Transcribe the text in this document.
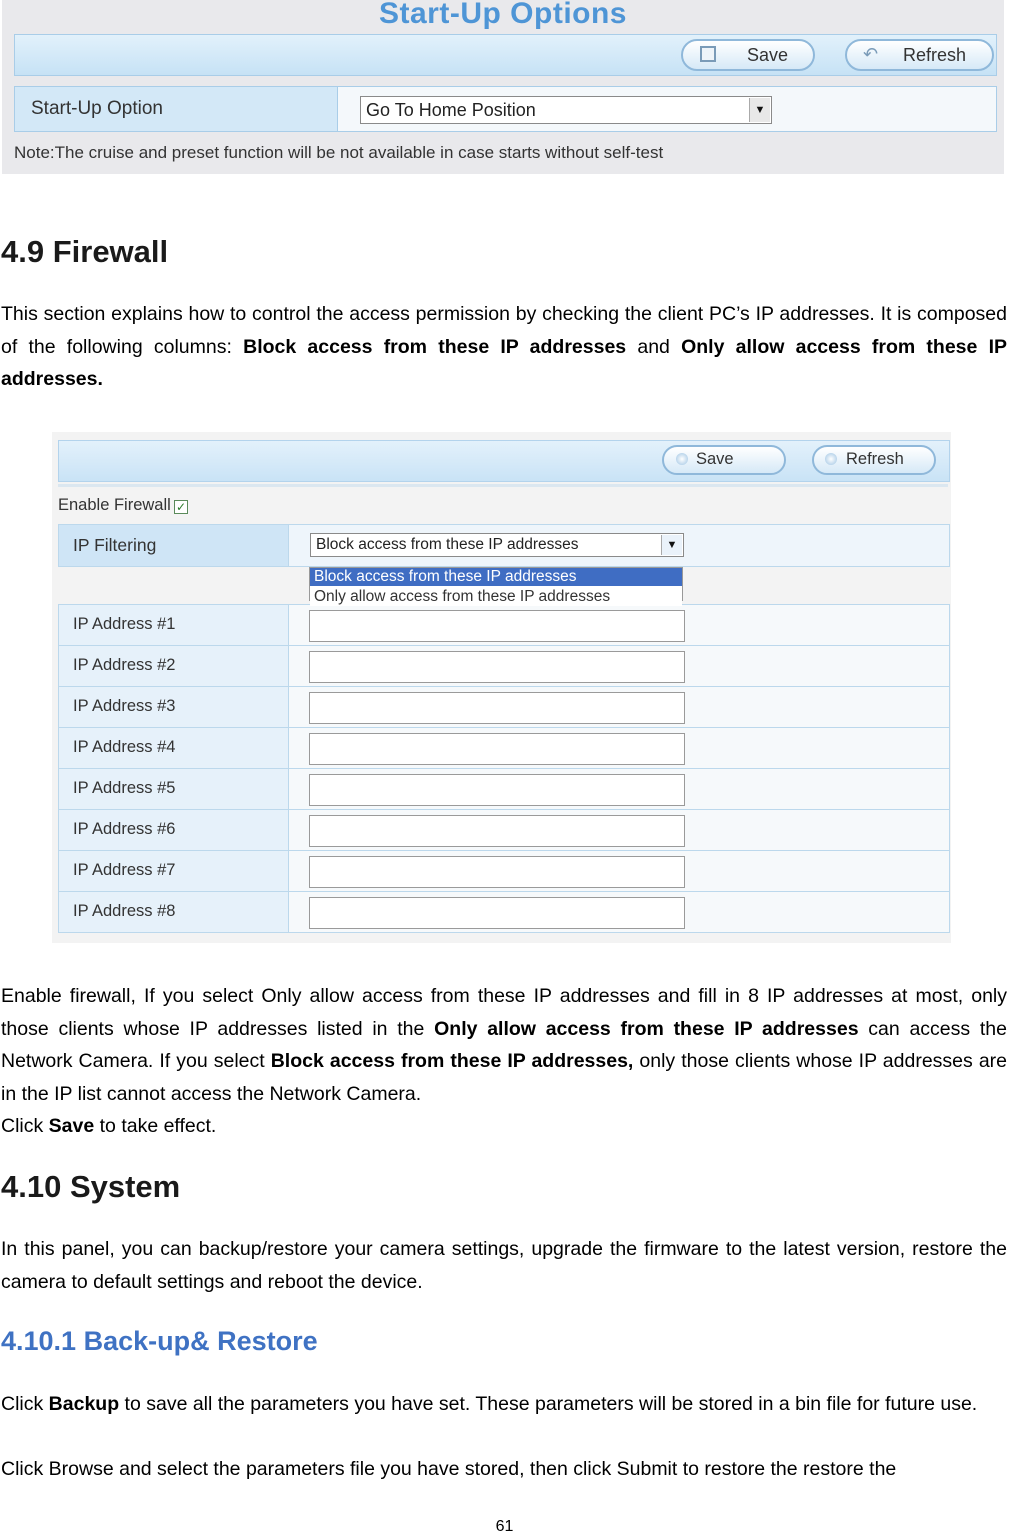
Start-Up Options
Save	↶ Refresh
Start-Up Option	Go To Home Position	▼
Note:The cruise and preset function will be not available in case starts without self-test
4.9 Firewall

This section explains how to control the access permission by checking the client PC’s IP addresses. It is composed of the following columns: Block access from these IP addresses and Only allow access from these IP addresses.

Save	Refresh
Enable Firewall ✓
IP Filtering	Block access from these IP addresses	▼
Block access from these IP addresses
Only allow access from these IP addresses
IP Address #1
IP Address #2
IP Address #3
IP Address #4
IP Address #5
IP Address #6
IP Address #7
IP Address #8

Enable firewall, If you select Only allow access from these IP addresses and fill in 8 IP addresses at most, only those clients whose IP addresses listed in the Only allow access from these IP addresses can access the Network Camera. If you select Block access from these IP addresses, only those clients whose IP addresses are in the IP list cannot access the Network Camera.

Click Save to take effect.

4.10 System

In this panel, you can backup/restore your camera settings, upgrade the firmware to the latest version, restore the camera to default settings and reboot the device.

4.10.1 Back-up& Restore

Click Backup to save all the parameters you have set. These parameters will be stored in a bin file for future use.

Click Browse and select the parameters file you have stored, then click Submit to restore the restore the

61
